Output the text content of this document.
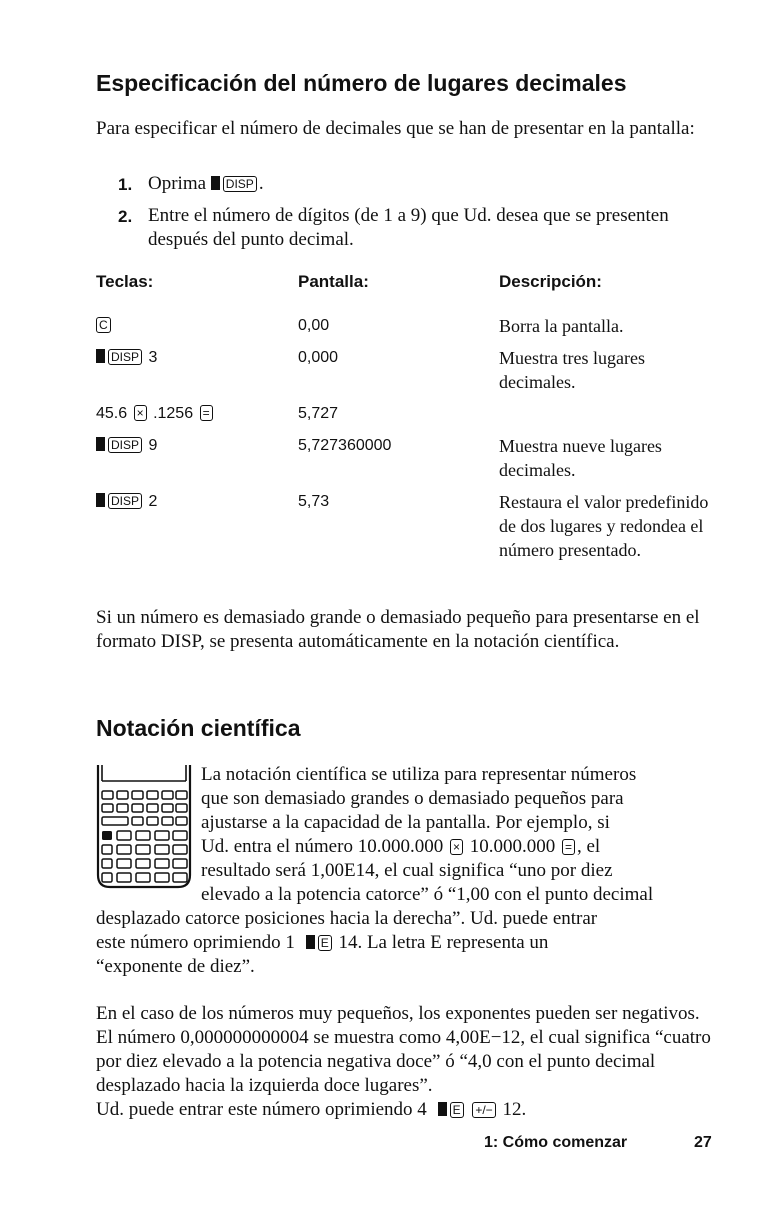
Especificación del número de lugares decimales

Para especificar el número de decimales que se han de presentar en la pantalla:

1. Oprima DISP .
2. Entre el número de dígitos (de 1 a 9) que Ud. desea que se presenten después del punto decimal.
Teclas:	Pantalla:	Descripción:
C	0,00	Borra la pantalla.
DISP 3	0,000	Muestra tres lugares decimales.
45.6 × .1256 =	5,727
DISP 9	5,727360000	Muestra nueve lugares decimales.
DISP 2	5,73	Restaura el valor predefinido de dos lugares y redondea el número presentado.

Si un número es demasiado grande o demasiado pequeño para presentarse en el formato DISP, se presenta automáticamente en la notación científica.

Notación científica
La notación científica se utiliza para representar números
que son demasiado grandes o demasiado pequeños para
ajustarse a la capacidad de la pantalla. Por ejemplo, si
Ud. entra el número 10.000.000 × 10.000.000 = , el
resultado será 1,00E14, el cual significa “uno por diez
elevado a la potencia catorce” ó “1,00 con el punto decimal
desplazado catorce posiciones hacia la derecha”. Ud. puede entrar
este número oprimiendo 1 E 14. La letra E representa un
“exponente de diez”.

En el caso de los números muy pequeños, los exponentes pueden ser negativos. El número 0,000000000004 se muestra como 4,00E−12, el cual significa “cuatro por diez elevado a la potencia negativa doce” ó “4,0 con el punto decimal desplazado hacia la izquierda doce lugares”.

Ud. puede entrar este número oprimiendo 4 E +/− 12.
1: Cómo comenzar	27
